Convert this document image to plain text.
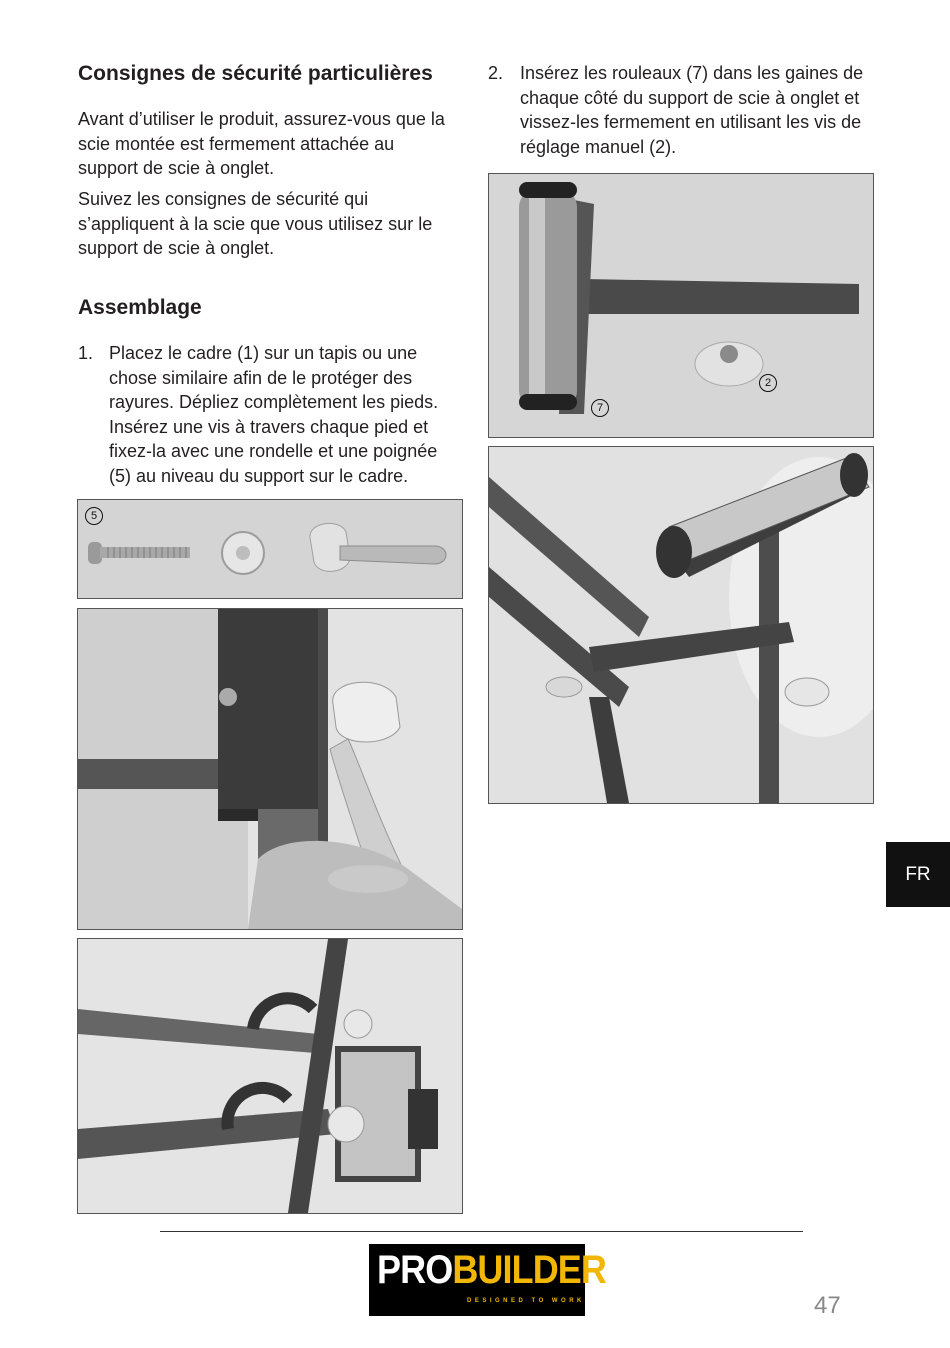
Consignes de sécurité particulières

Avant d’utiliser le produit, assurez-vous que la scie montée est fermement attachée au support de scie à onglet.

Suivez les consignes de sécurité qui s’appliquent à la scie que vous utilisez sur le support de scie à onglet.

Assemblage
1. Placez le cadre (1) sur un tapis ou une chose similaire afin de le protéger des rayures. Dépliez complètement les pieds. Insérez une vis à travers chaque pied et fixez-la avec une rondelle et une poignée (5) au niveau du support sur le cadre.
5
2. Insérez les rouleaux (7) dans les gaines de chaque côté du support de scie à onglet et vissez-les fermement en utilisant les vis de réglage manuel (2).
2
7
FR
PROBUILDER
DESIGNED TO WORK	47
